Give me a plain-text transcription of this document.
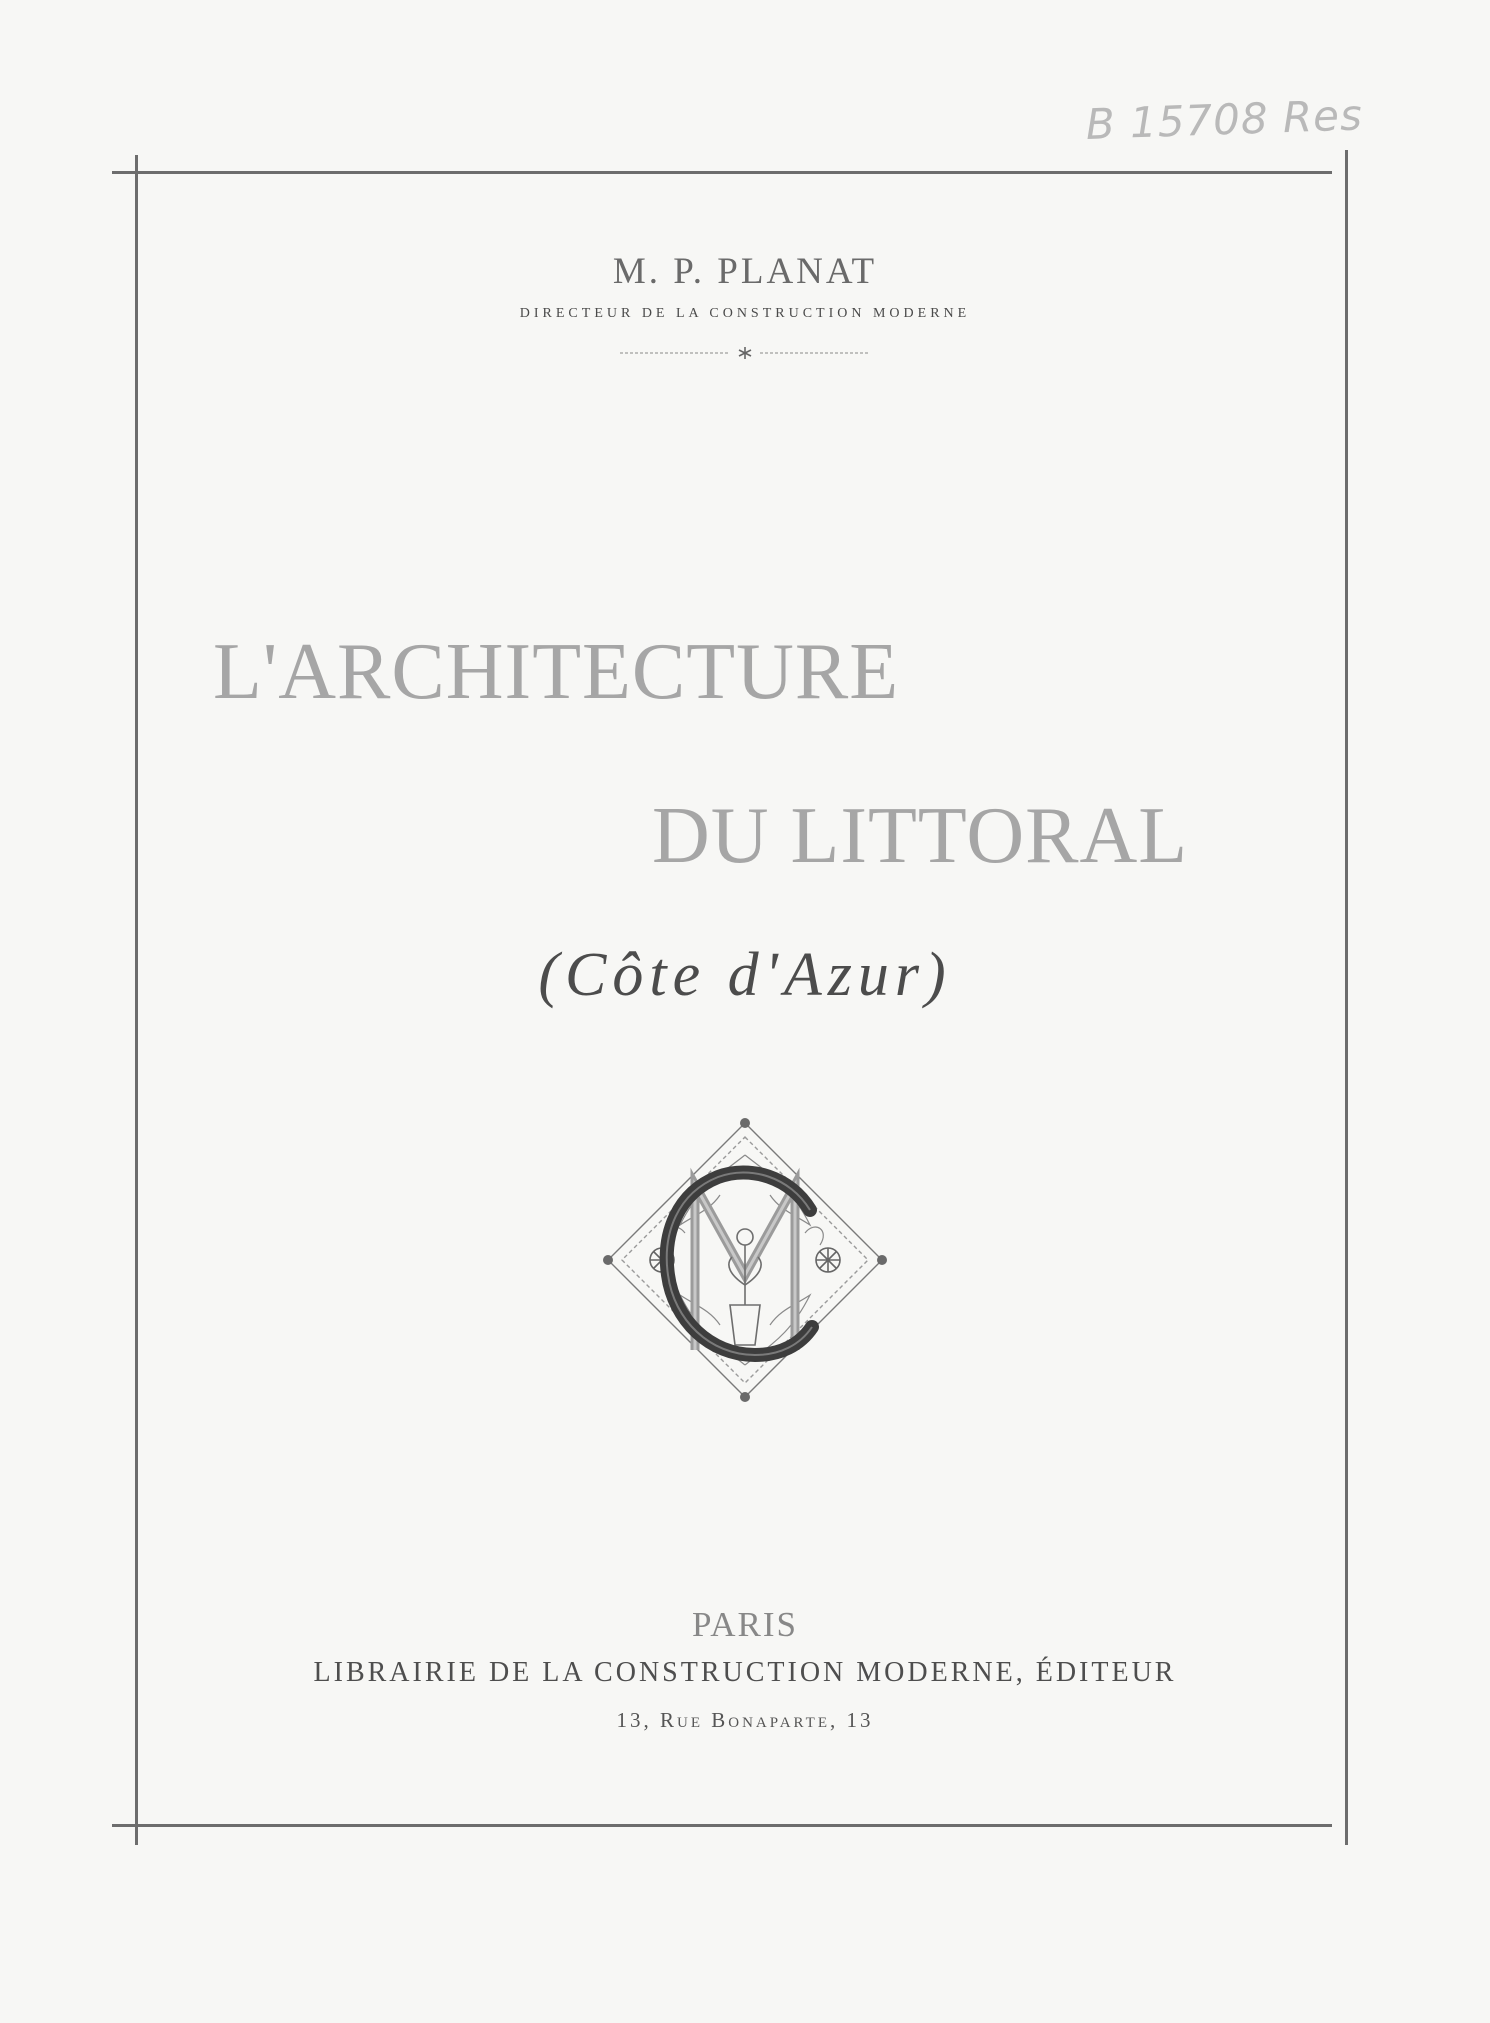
B 15708 Res
M. P. PLANAT
DIRECTEUR DE LA CONSTRUCTION MODERNE
L'ARCHITECTURE
DU LITTORAL
(Côte d'Azur)
PARIS
LIBRAIRIE DE LA CONSTRUCTION MODERNE, ÉDITEUR
13, Rue Bonaparte, 13
